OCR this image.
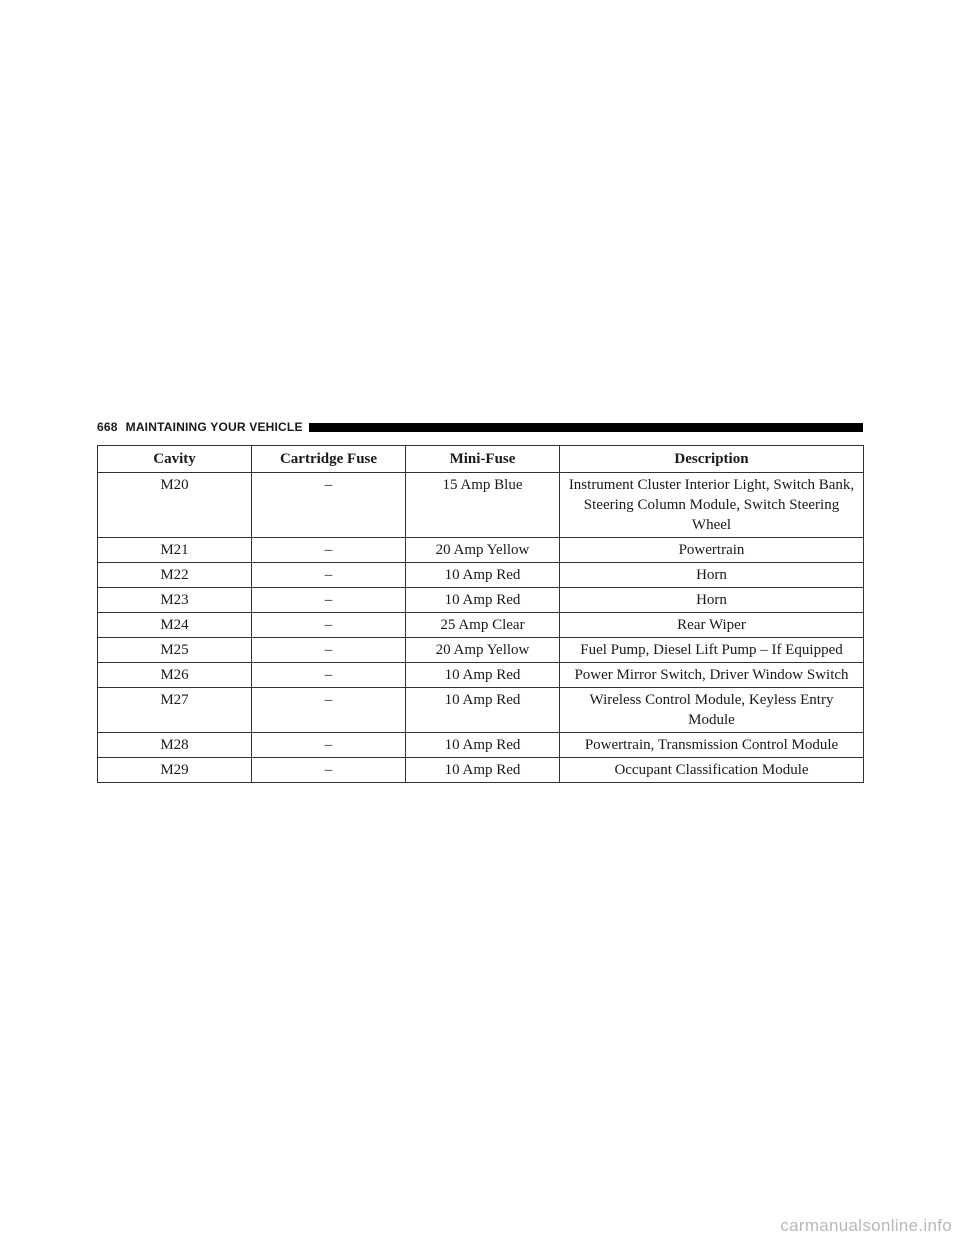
668 MAINTAINING YOUR VEHICLE
Cavity	Cartridge Fuse	Mini-Fuse	Description
M20	–	15 Amp Blue	Instrument Cluster Interior Light, Switch Bank, Steering Column Module, Switch Steering Wheel
M21	–	20 Amp Yellow	Powertrain
M22	–	10 Amp Red	Horn
M23	–	10 Amp Red	Horn
M24	–	25 Amp Clear	Rear Wiper
M25	–	20 Amp Yellow	Fuel Pump, Diesel Lift Pump – If Equipped
M26	–	10 Amp Red	Power Mirror Switch, Driver Window Switch
M27	–	10 Amp Red	Wireless Control Module, Keyless Entry Module
M28	–	10 Amp Red	Powertrain, Transmission Control Module
M29	–	10 Amp Red	Occupant Classification Module
carmanualsonline.info
